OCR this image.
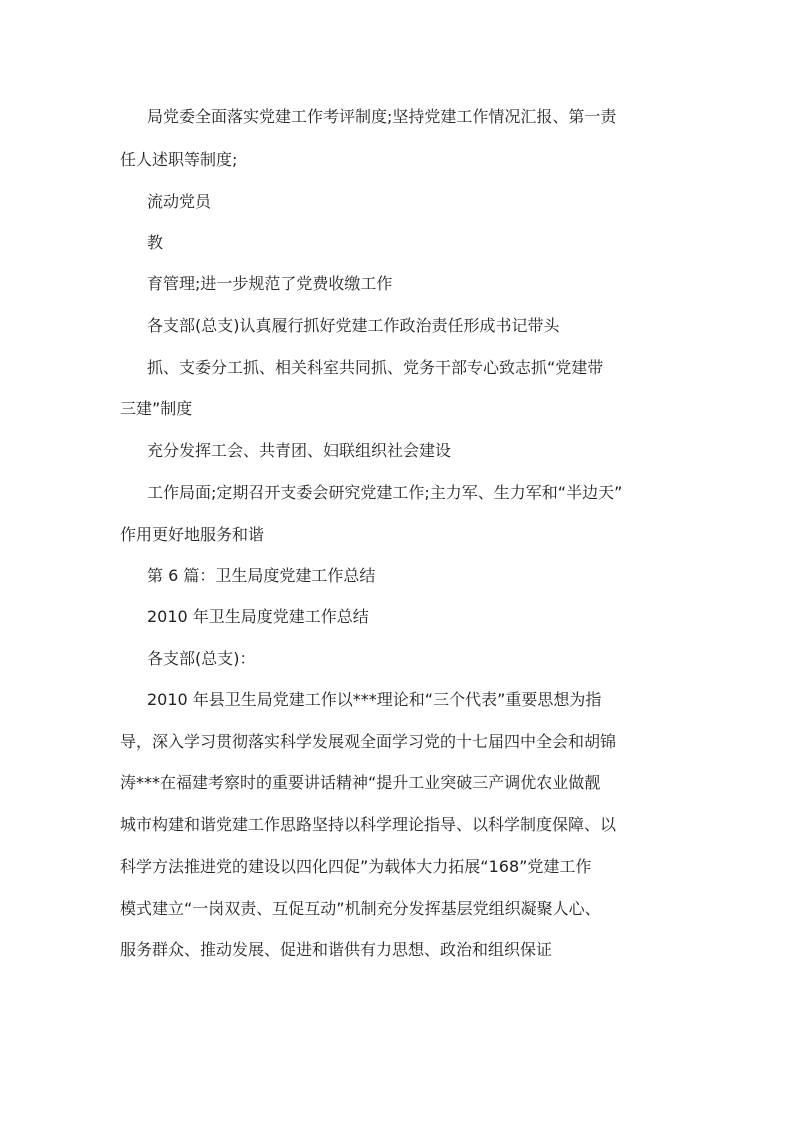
局党委全面落实党建工作考评制度;坚持党建工作情况汇报、第一责

任人述职等制度;

流动党员

教

育管理;进一步规范了党费收缴工作

各支部(总支)认真履行抓好党建工作政治责任形成书记带头

抓、支委分工抓、相关科室共同抓、党务干部专心致志抓“党建带

三建”制度

充分发挥工会、共青团、妇联组织社会建设

工作局面;定期召开支委会研究党建工作;主力军、生力军和“半边天”

作用更好地服务和谐

第 6 篇：卫生局度党建工作总结

2010 年卫生局度党建工作总结

各支部(总支)：

2010 年县卫生局党建工作以***理论和“三个代表”重要思想为指

导，深入学习贯彻落实科学发展观全面学习党的十七届四中全会和胡锦

涛***在福建考察时的重要讲话精神“提升工业突破三产调优农业做靓

城市构建和谐党建工作思路坚持以科学理论指导、以科学制度保障、以

科学方法推进党的建设以四化四促”为载体大力拓展“168”党建工作

模式建立“一岗双责、互促互动”机制充分发挥基层党组织凝聚人心、

服务群众、推动发展、促进和谐供有力思想、政治和组织保证
